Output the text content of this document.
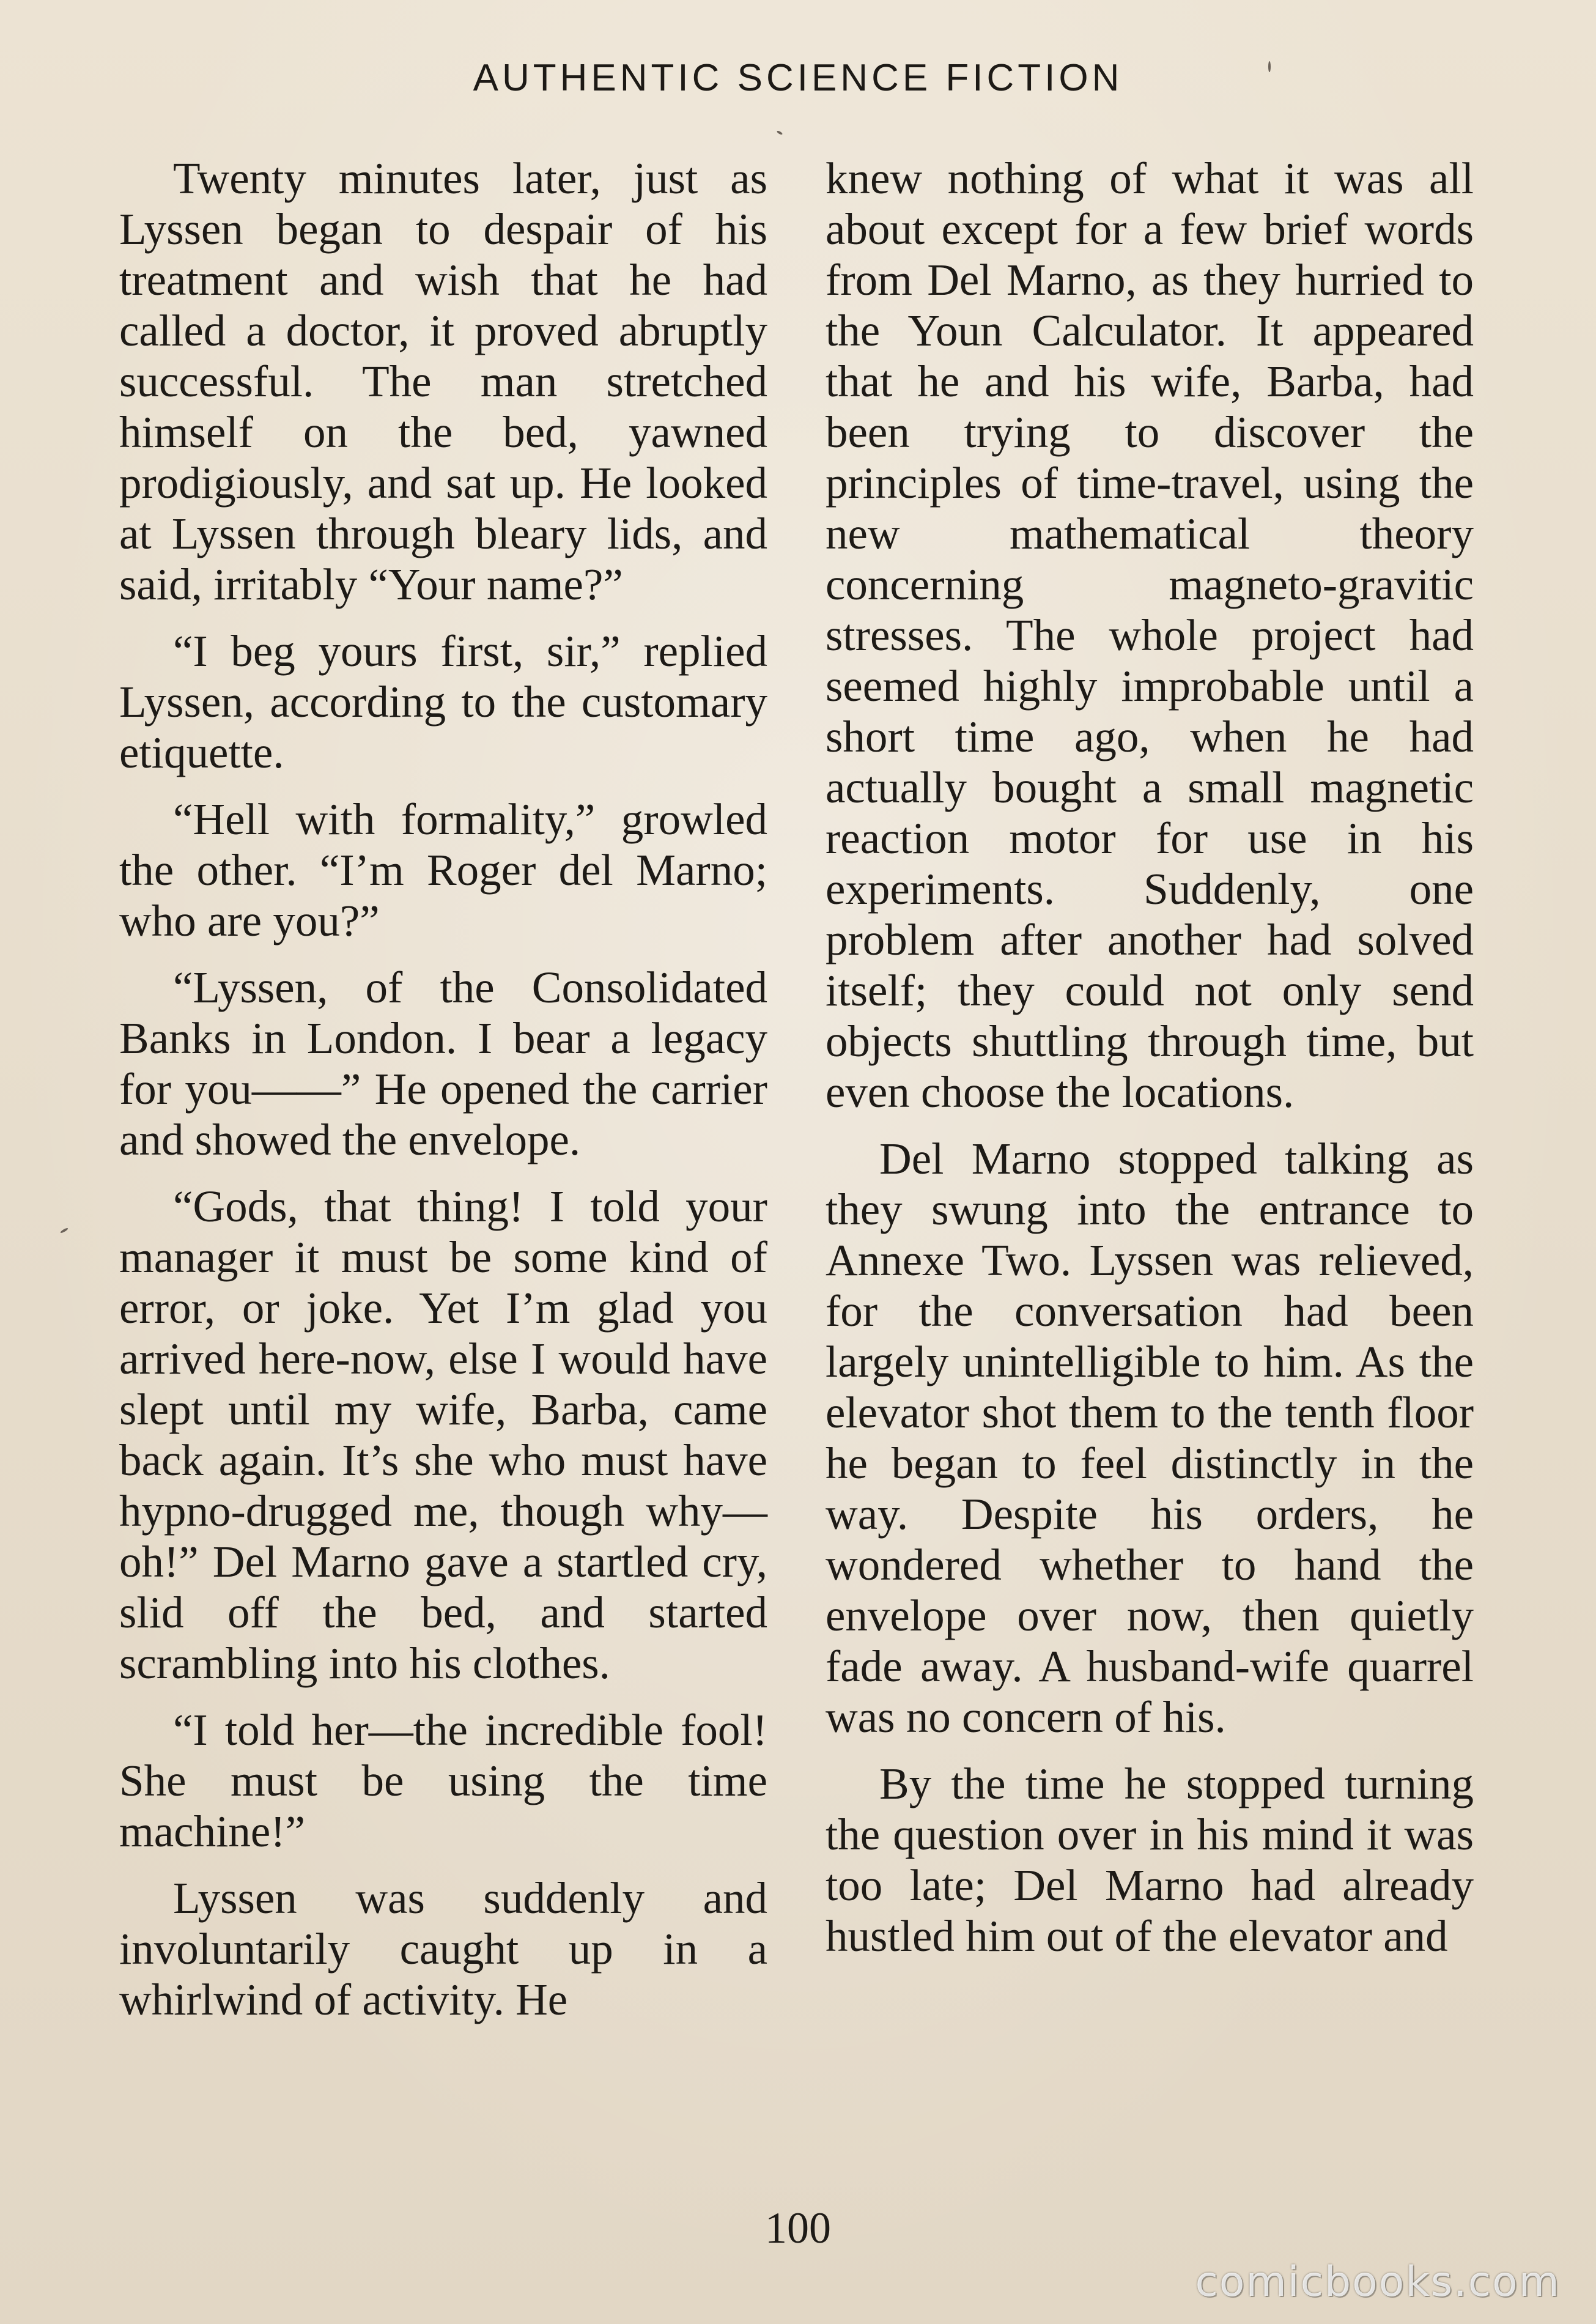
AUTHENTIC SCIENCE FICTION

Twenty minutes later, just as Lyssen began to despair of his treatment and wish that he had called a doctor, it proved abruptly successful. The man stretched himself on the bed, yawned prodigiously, and sat up. He looked at Lyssen through bleary lids, and said, irritably “Your name?”

“I beg yours first, sir,” replied Lyssen, according to the customary etiquette.

“Hell with formality,” growled the other. “I’m Roger del Marno; who are you?”

“Lyssen, of the Consolidated Banks in London. I bear a legacy for you——” He opened the carrier and showed the envelope.

“Gods, that thing! I told your manager it must be some kind of error, or joke. Yet I’m glad you arrived here-now, else I would have slept until my wife, Barba, came back again. It’s she who must have hypno-drugged me, though why—oh!” Del Marno gave a startled cry, slid off the bed, and started scrambling into his clothes.

“I told her—the incredible fool! She must be using the time machine!”

Lyssen was suddenly and involuntarily caught up in a whirlwind of activity. He

knew nothing of what it was all about except for a few brief words from Del Marno, as they hurried to the Youn Calculator. It appeared that he and his wife, Barba, had been trying to discover the principles of time-travel, using the new mathematical theory concerning magneto-gravitic stresses. The whole project had seemed highly improbable until a short time ago, when he had actually bought a small magnetic reaction motor for use in his experiments. Suddenly, one problem after another had solved itself; they could not only send objects shuttling through time, but even choose the locations.

Del Marno stopped talking as they swung into the entrance to Annexe Two. Lyssen was relieved, for the conversation had been largely unintelligible to him. As the elevator shot them to the tenth floor he began to feel distinctly in the way. Despite his orders, he wondered whether to hand the envelope over now, then quietly fade away. A husband-wife quarrel was no concern of his.

By the time he stopped turning the question over in his mind it was too late; Del Marno had already hustled him out of the elevator and

100
comicbooks.com
